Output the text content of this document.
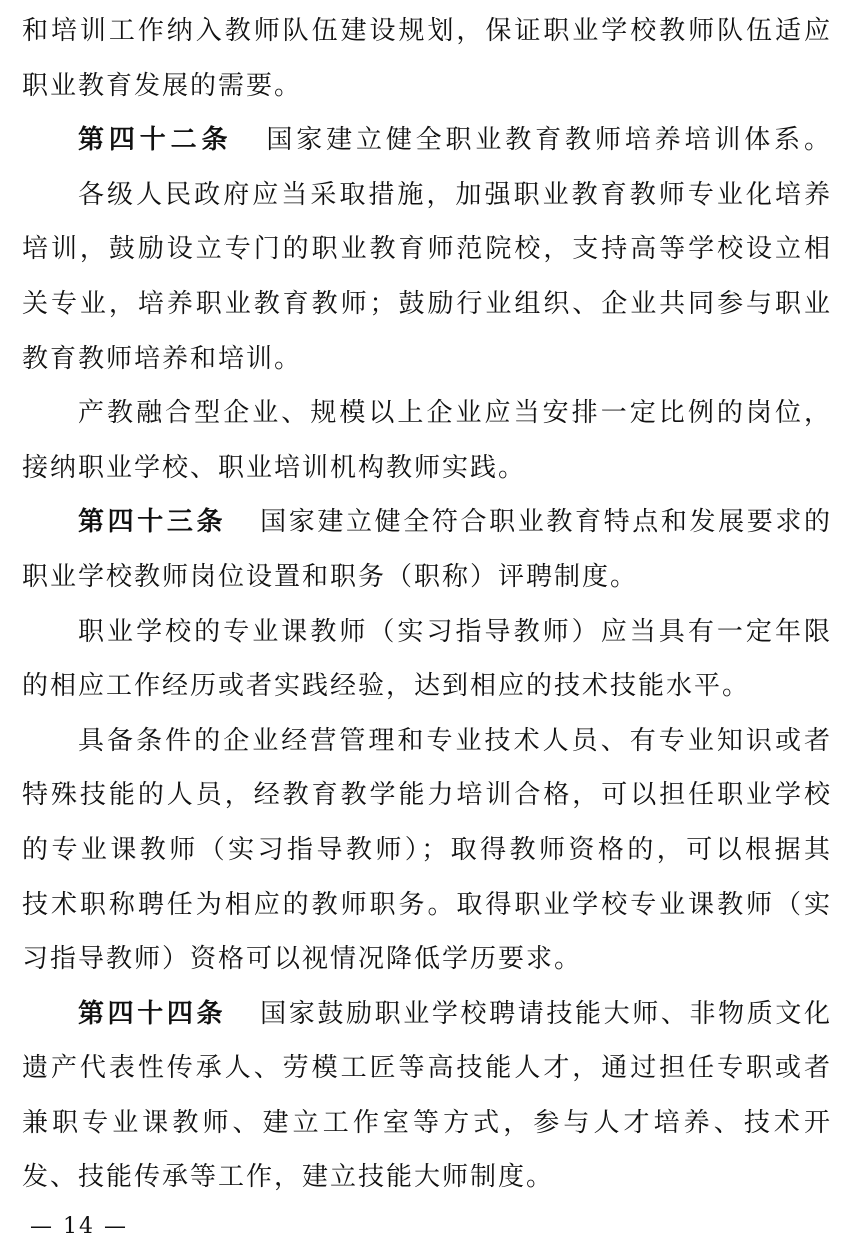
和培训工作纳入教师队伍建设规划，保证职业学校教师队伍适应
职业教育发展的需要。
第四十二条 国家建立健全职业教育教师培养培训体系。
各级人民政府应当采取措施，加强职业教育教师专业化培养
培训，鼓励设立专门的职业教育师范院校，支持高等学校设立相
关专业，培养职业教育教师；鼓励行业组织、企业共同参与职业
教育教师培养和培训。
产教融合型企业、规模以上企业应当安排一定比例的岗位，
接纳职业学校、职业培训机构教师实践。
第四十三条 国家建立健全符合职业教育特点和发展要求的
职业学校教师岗位设置和职务（职称）评聘制度。
职业学校的专业课教师（实习指导教师）应当具有一定年限
的相应工作经历或者实践经验，达到相应的技术技能水平。
具备条件的企业经营管理和专业技术人员、有专业知识或者
特殊技能的人员，经教育教学能力培训合格，可以担任职业学校
的专业课教师（实习指导教师）；取得教师资格的，可以根据其
技术职称聘任为相应的教师职务。取得职业学校专业课教师（实
习指导教师）资格可以视情况降低学历要求。
第四十四条 国家鼓励职业学校聘请技能大师、非物质文化
遗产代表性传承人、劳模工匠等高技能人才，通过担任专职或者
兼职专业课教师、建立工作室等方式，参与人才培养、技术开
发、技能传承等工作，建立技能大师制度。
— 14 —
